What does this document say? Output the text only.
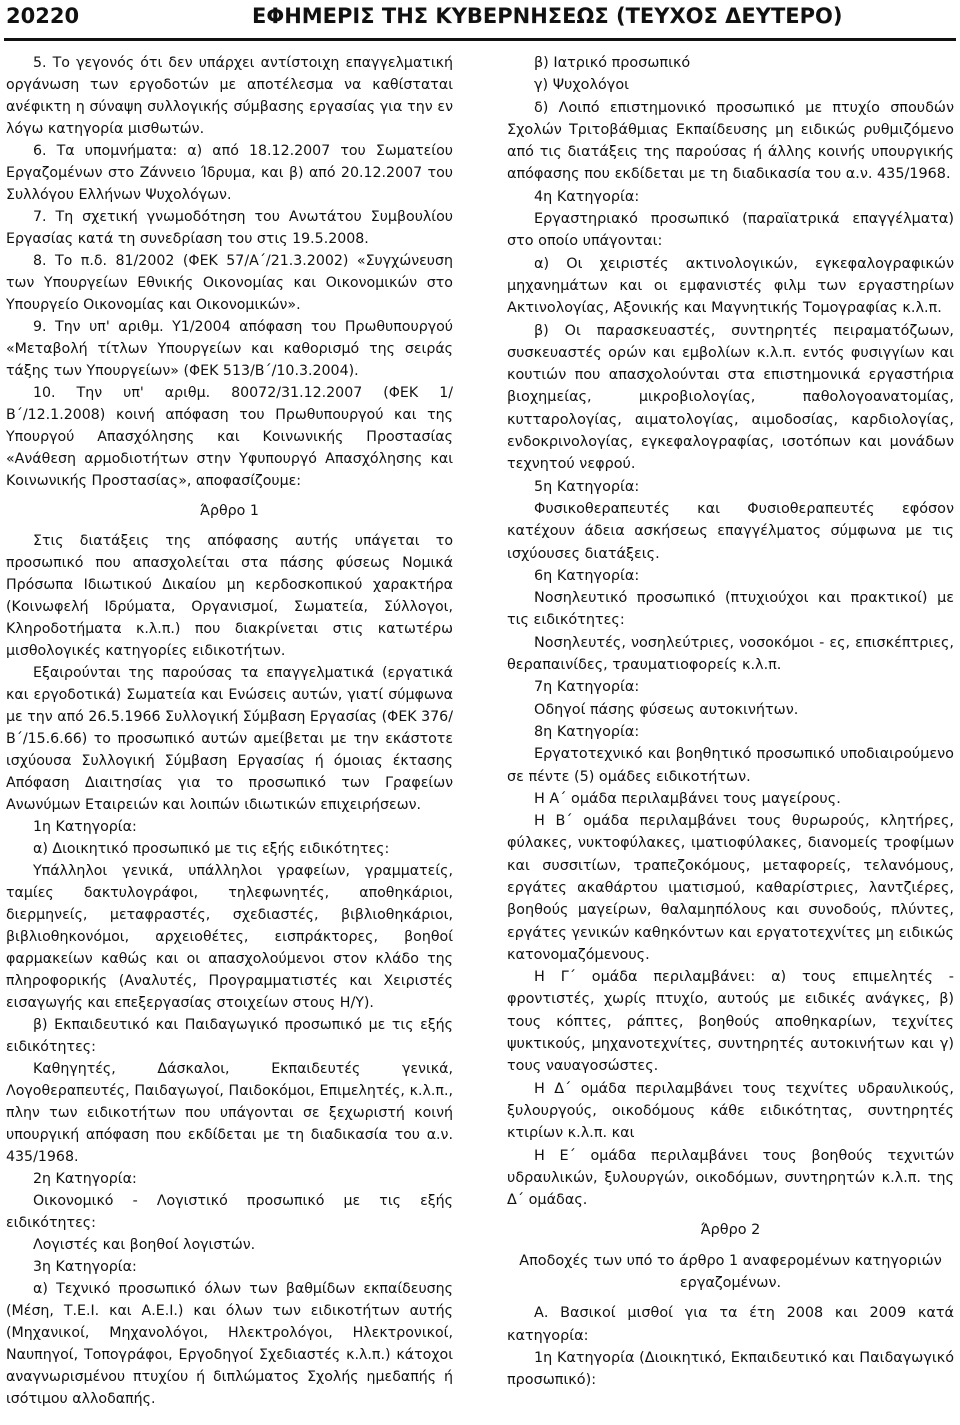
20220	ΕΦΗΜΕΡΙΣ ΤΗΣ ΚΥΒΕΡΝΗΣΕΩΣ (ΤΕΥΧΟΣ ΔΕΥΤΕΡΟ)

5. Το γεγονός ότι δεν υπάρχει αντίστοιχη επαγγελματική οργάνωση των εργοδοτών με αποτέλεσμα να καθίσταται ανέφικτη η σύναψη συλλογικής σύμβασης εργασίας για την εν λόγω κατηγορία μισθωτών.

6. Τα υπομνήματα: α) από 18.12.2007 του Σωματείου Εργαζομένων στο Ζάννειο Ίδρυμα, και β) από 20.12.2007 του Συλλόγου Ελλήνων Ψυχολόγων.

7. Τη σχετική γνωμοδότηση του Ανωτάτου Συμβουλίου Εργασίας κατά τη συνεδρίαση του στις 19.5.2008.

8. Το π.δ. 81/2002 (ΦΕΚ 57/Α΄/21.3.2002) «Συγχώνευση των Υπουργείων Εθνικής Οικονομίας και Οικονομικών στο Υπουργείο Οικονομίας και Οικονομικών».

9. Την υπ' αριθμ. Υ1/2004 απόφαση του Πρωθυπουργού «Μεταβολή τίτλων Υπουργείων και καθορισμό της σειράς τάξης των Υπουργείων» (ΦΕΚ 513/Β΄/10.3.2004).

10. Την υπ' αριθμ. 80072/31.12.2007 (ΦΕΚ 1/Β΄/12.1.2008) κοινή απόφαση του Πρωθυπουργού και της Υπουργού Απασχόλησης και Κοινωνικής Προστασίας «Ανάθεση αρμοδιοτήτων στην Υφυπουργό Απασχόλησης και Κοινωνικής Προστασίας», αποφασίζουμε:

Άρθρο 1

Στις διατάξεις της απόφασης αυτής υπάγεται το προσωπικό που απασχολείται στα πάσης φύσεως Νομικά Πρόσωπα Ιδιωτικού Δικαίου μη κερδοσκοπικού χαρακτήρα (Κοινωφελή Ιδρύματα, Οργανισμοί, Σωματεία, Σύλλογοι, Κληροδοτήματα κ.λ.π.) που διακρίνεται στις κατωτέρω μισθολογικές κατηγορίες ειδικοτήτων.

Εξαιρούνται της παρούσας τα επαγγελματικά (εργατικά και εργοδοτικά) Σωματεία και Ενώσεις αυτών, γιατί σύμφωνα με την από 26.5.1966 Συλλογική Σύμβαση Εργασίας (ΦΕΚ 376/Β΄/15.6.66) το προσωπικό αυτών αμείβεται με την εκάστοτε ισχύουσα Συλλογική Σύμβαση Εργασίας ή όμοιας έκτασης Απόφαση Διαιτησίας για το προσωπικό των Γραφείων Ανωνύμων Εταιρειών και λοιπών ιδιωτικών επιχειρήσεων.

1η Κατηγορία:

α) Διοικητικό προσωπικό με τις εξής ειδικότητες:

Υπάλληλοι γενικά, υπάλληλοι γραφείων, γραμματείς, ταμίες δακτυλογράφοι, τηλεφωνητές, αποθηκάριοι, διερμηνείς, μεταφραστές, σχεδιαστές, βιβλιοθηκάριοι, βιβλιοθηκονόμοι, αρχειοθέτες, εισπράκτορες, βοηθοί φαρμακείων καθώς και οι απασχολούμενοι στον κλάδο της πληροφορικής (Αναλυτές, Προγραμματιστές και Χειριστές εισαγωγής και επεξεργασίας στοιχείων στους Η/Υ).

β) Εκπαιδευτικό και Παιδαγωγικό προσωπικό με τις εξής ειδικότητες:

Καθηγητές, Δάσκαλοι, Εκπαιδευτές γενικά, Λογοθεραπευτές, Παιδαγωγοί, Παιδοκόμοι, Επιμελητές, κ.λ.π., πλην των ειδικοτήτων που υπάγονται σε ξεχωριστή κοινή υπουργική απόφαση που εκδίδεται με τη διαδικασία του α.ν. 435/1968.

2η Κατηγορία:

Οικονομικό - Λογιστικό προσωπικό με τις εξής ειδικότητες:

Λογιστές και βοηθοί λογιστών.

3η Κατηγορία:

α) Τεχνικό προσωπικό όλων των βαθμίδων εκπαίδευσης (Μέση, Τ.Ε.Ι. και Α.Ε.Ι.) και όλων των ειδικοτήτων αυτής (Μηχανικοί, Μηχανολόγοι, Ηλεκτρολόγοι, Ηλεκτρονικοί, Ναυπηγοί, Τοπογράφοι, Εργοδηγοί Σχεδιαστές κ.λ.π.) κάτοχοι αναγνωρισμένου πτυχίου ή διπλώματος Σχολής ημεδαπής ή ισότιμου αλλοδαπής.

β) Ιατρικό προσωπικό

γ) Ψυχολόγοι

δ) Λοιπό επιστημονικό προσωπικό με πτυχίο σπουδών Σχολών Τριτοβάθμιας Εκπαίδευσης μη ειδικώς ρυθμιζόμενο από τις διατάξεις της παρούσας ή άλλης κοινής υπουργικής απόφασης που εκδίδεται με τη διαδικασία του α.ν. 435/1968.

4η Κατηγορία:

Εργαστηριακό προσωπικό (παραϊατρικά επαγγέλματα) στο οποίο υπάγονται:

α) Οι χειριστές ακτινολογικών, εγκεφαλογραφικών μηχανημάτων και οι εμφανιστές φιλμ των εργαστηρίων Ακτινολογίας, Αξονικής και Μαγνητικής Τομογραφίας κ.λ.π.

β) Οι παρασκευαστές, συντηρητές πειραματόζωων, συσκευαστές ορών και εμβολίων κ.λ.π. εντός φυσιγγίων και κουτιών που απασχολούνται στα επιστημονικά εργαστήρια βιοχημείας, μικροβιολογίας, παθολογοανατομίας, κυτταρολογίας, αιματολογίας, αιμοδοσίας, καρδιολογίας, ενδοκρινολογίας, εγκεφαλογραφίας, ισοτόπων και μονάδων τεχνητού νεφρού.

5η Κατηγορία:

Φυσικοθεραπευτές και Φυσιοθεραπευτές εφόσον κατέχουν άδεια ασκήσεως επαγγέλματος σύμφωνα με τις ισχύουσες διατάξεις.

6η Κατηγορία:

Νοσηλευτικό προσωπικό (πτυχιούχοι και πρακτικοί) με τις ειδικότητες:

Νοσηλευτές, νοσηλεύτριες, νοσοκόμοι - ες, επισκέπτριες, θεραπαινίδες, τραυματιοφορείς κ.λ.π.

7η Κατηγορία:

Οδηγοί πάσης φύσεως αυτοκινήτων.

8η Κατηγορία:

Εργατοτεχνικό και βοηθητικό προσωπικό υποδιαιρούμενο σε πέντε (5) ομάδες ειδικοτήτων.

Η Α΄ ομάδα περιλαμβάνει τους μαγείρους.

Η Β΄ ομάδα περιλαμβάνει τους θυρωρούς, κλητήρες, φύλακες, νυκτοφύλακες, ιματιοφύλακες, διανομείς τροφίμων και συσσιτίων, τραπεζοκόμους, μεταφορείς, τελανόμους, εργάτες ακαθάρτου ιματισμού, καθαρίστριες, λαντζιέρες, βοηθούς μαγείρων, θαλαμηπόλους και συνοδούς, πλύντες, εργάτες γενικών καθηκόντων και εργατοτεχνίτες μη ειδικώς κατονομαζόμενους.

Η Γ΄ ομάδα περιλαμβάνει: α) τους επιμελητές - φροντιστές, χωρίς πτυχίο, αυτούς με ειδικές ανάγκες, β) τους κόπτες, ράπτες, βοηθούς αποθηκαρίων, τεχνίτες ψυκτικούς, μηχανοτεχνίτες, συντηρητές αυτοκινήτων και γ) τους ναυαγοσώστες.

Η Δ΄ ομάδα περιλαμβάνει τους τεχνίτες υδραυλικούς, ξυλουργούς, οικοδόμους κάθε ειδικότητας, συντηρητές κτιρίων κ.λ.π. και

Η Ε΄ ομάδα περιλαμβάνει τους βοηθούς τεχνιτών υδραυλικών, ξυλουργών, οικοδόμων, συντηρητών κ.λ.π. της Δ΄ ομάδας.

Άρθρο 2

Αποδοχές των υπό το άρθρο 1 αναφερομένων κατηγοριών εργαζομένων.

Α. Βασικοί μισθοί για τα έτη 2008 και 2009 κατά κατηγορία:

1η Κατηγορία (Διοικητικό, Εκπαιδευτικό και Παιδαγωγικό προσωπικό):
